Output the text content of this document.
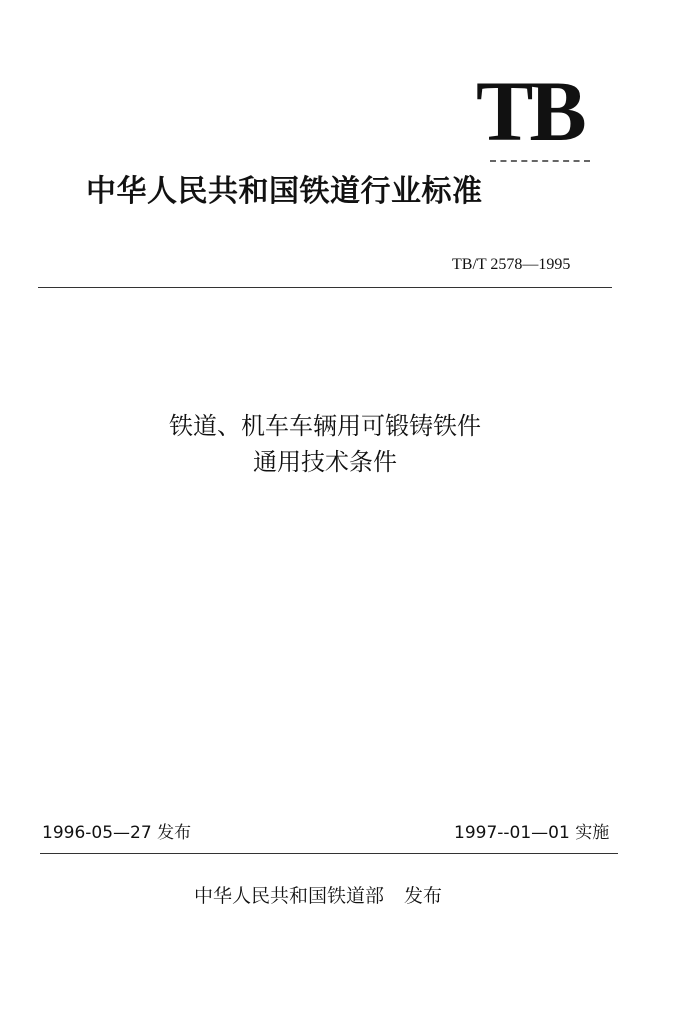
TB
中华人民共和国铁道行业标准
TB/T 2578—1995
铁道、机车车辆用可锻铸铁件
通用技术条件
1996-05—27 发布	1997--01—01 实施
中华人民共和国铁道部 发布
